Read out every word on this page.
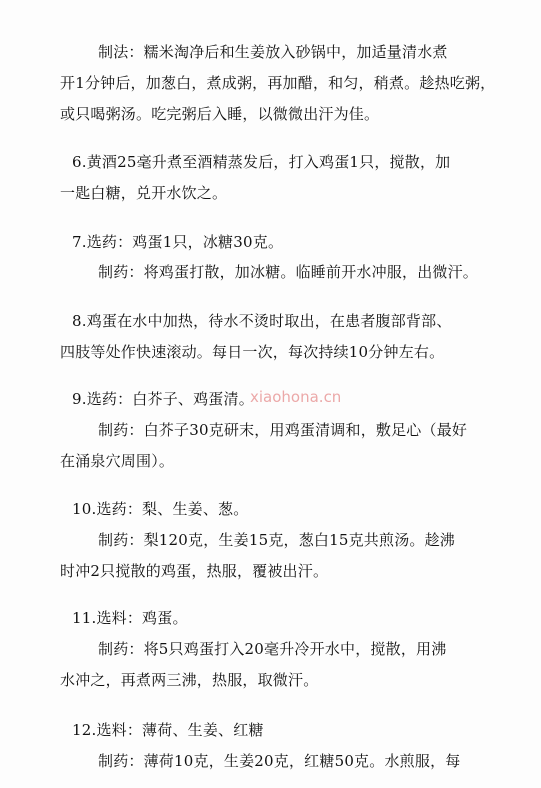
制法：糯米淘净后和生姜放入砂锅中，加适量清水煮
开1分钟后，加葱白，煮成粥，再加醋，和匀，稍煮。趁热吃粥，
或只喝粥汤。吃完粥后入睡，以微微出汗为佳。
6.黄酒25毫升煮至酒精蒸发后，打入鸡蛋1只，搅散，加
一匙白糖，兑开水饮之。
7.选药：鸡蛋1只，冰糖30克。
制药：将鸡蛋打散，加冰糖。临睡前开水冲服，出微汗。
8.鸡蛋在水中加热，待水不烫时取出，在患者腹部背部、
四肢等处作快速滚动。每日一次，每次持续10分钟左右。
9.选药：白芥子、鸡蛋清。
制药：白芥子30克研末，用鸡蛋清调和，敷足心（最好
在涌泉穴周围）。
10.选药：梨、生姜、葱。
制药：梨120克，生姜15克，葱白15克共煎汤。趁沸
时冲2只搅散的鸡蛋，热服，覆被出汗。
11.选料：鸡蛋。
制药：将5只鸡蛋打入20毫升冷开水中，搅散，用沸
水冲之，再煮两三沸，热服，取微汗。
12.选料：薄荷、生姜、红糖
制药：薄荷10克，生姜20克，红糖50克。水煎服，每
xiaohona.cn
